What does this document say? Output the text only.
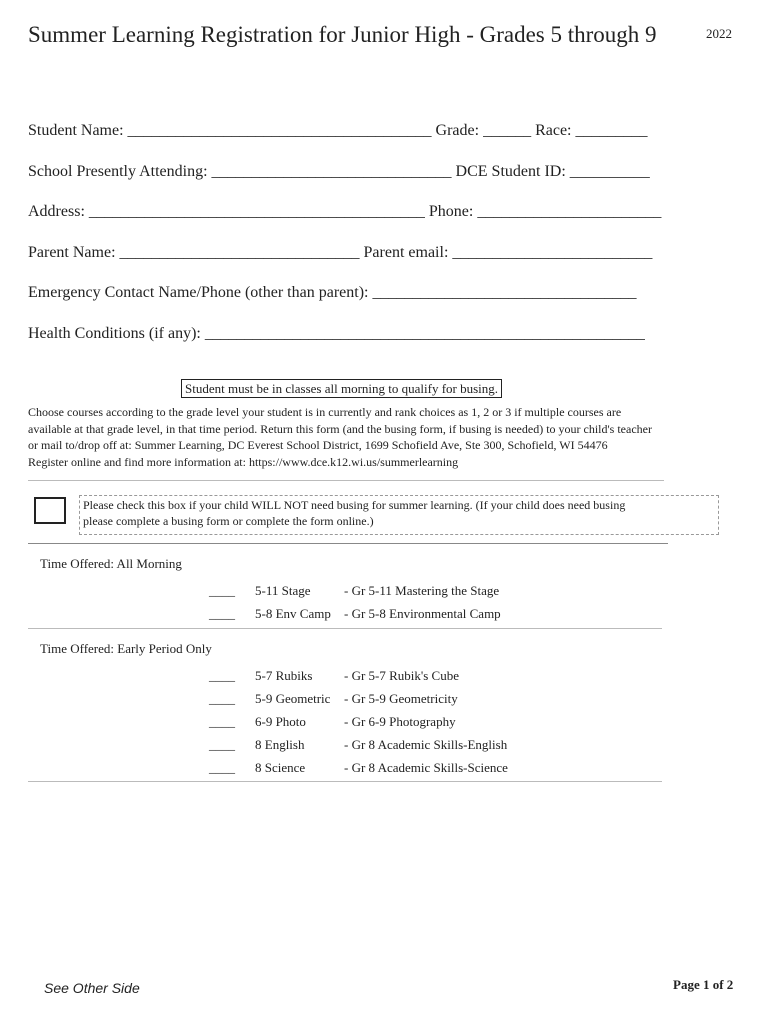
Summer Learning Registration for Junior High - Grades 5 through 9	2022
Student Name: ______________________________________ Grade: ______ Race: _________
School Presently Attending: ______________________________ DCE Student ID: __________
Address: __________________________________________ Phone: _______________________
Parent Name: ______________________________ Parent email: _________________________
Emergency Contact Name/Phone (other than parent): _________________________________
Health Conditions (if any): _______________________________________________________
Student must be in classes all morning to qualify for busing.
Choose courses according to the grade level your student is in currently and rank choices as 1, 2 or 3 if multiple courses are
available at that grade level, in that time period. Return this form (and the busing form, if busing is needed) to your child's teacher
or mail to/drop off at: Summer Learning, DC Everest School District, 1699 Schofield Ave, Ste 300, Schofield, WI 54476
Register online and find more information at: https://www.dce.k12.wi.us/summerlearning
Please check this box if your child WILL NOT need busing for summer learning. (If your child does need busing
please complete a busing form or complete the form online.)
Time Offered: All Morning
____ 5-11 Stage	- Gr 5-11 Mastering the Stage
____ 5-8 Env Camp - Gr 5-8 Environmental Camp
Time Offered: Early Period Only
____ 5-7 Rubiks - Gr 5-7 Rubik's Cube
____ 5-9 Geometric - Gr 5-9 Geometricity
____ 6-9 Photo	- Gr 6-9 Photography
____ 8 English	- Gr 8 Academic Skills-English
____ 8 Science	- Gr 8 Academic Skills-Science
See Other Side	Page 1 of 2
